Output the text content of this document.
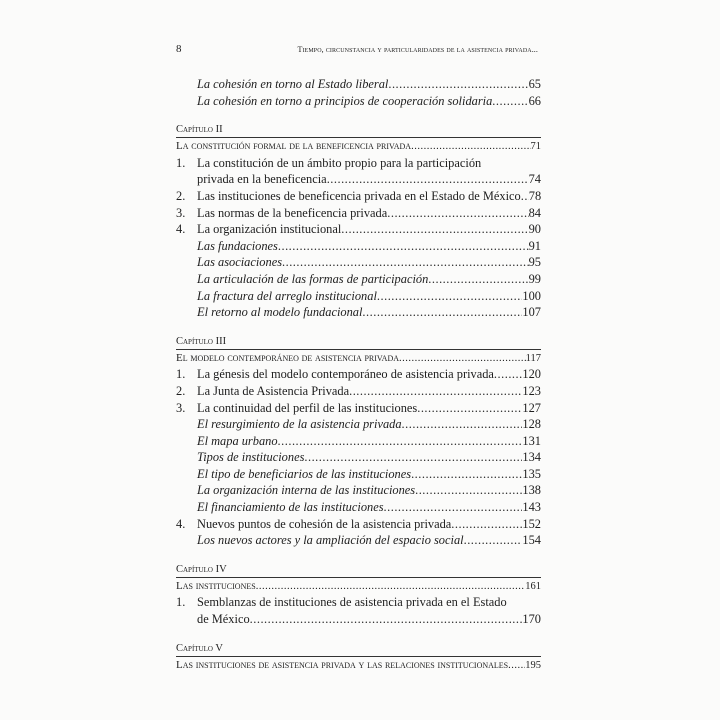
8	Tiempo, circunstancia y particularidades de la asistencia privada...
La cohesión en torno al Estado liberal .....	65
La cohesión en torno a principios de cooperación solidaria .....	66
Capítulo II
La constitución formal de la beneficencia privada .....	71
1. La constitución de un ámbito propio para la participación
privada en la beneficencia .....	74
2. Las instituciones de beneficencia privada en el Estado de México ..... 78
3. Las normas de la beneficencia privada .....	84
4. La organización institucional .....	90
Las fundaciones .....	91
Las asociaciones .....	95
La articulación de las formas de participación .....	99
La fractura del arreglo institucional .....	100
El retorno al modelo fundacional .....	107
Capítulo III
El modelo contemporáneo de asistencia privada .....	117
1. La génesis del modelo contemporáneo de asistencia privada ..... 120
2. La Junta de Asistencia Privada .....	123
3. La continuidad del perfil de las instituciones .....	127
El resurgimiento de la asistencia privada .....	128
El mapa urbano .....	131
Tipos de instituciones .....	134
El tipo de beneficiarios de las instituciones .....	135
La organización interna de las instituciones .....	138
El financiamiento de las instituciones .....	143
4. Nuevos puntos de cohesión de la asistencia privada .....	152
Los nuevos actores y la ampliación del espacio social .....	154
Capítulo IV
Las instituciones .....	161
1. Semblanzas de instituciones de asistencia privada en el Estado
de México .....	170
Capítulo V
Las instituciones de asistencia privada y las relaciones institucionales ..... 195
